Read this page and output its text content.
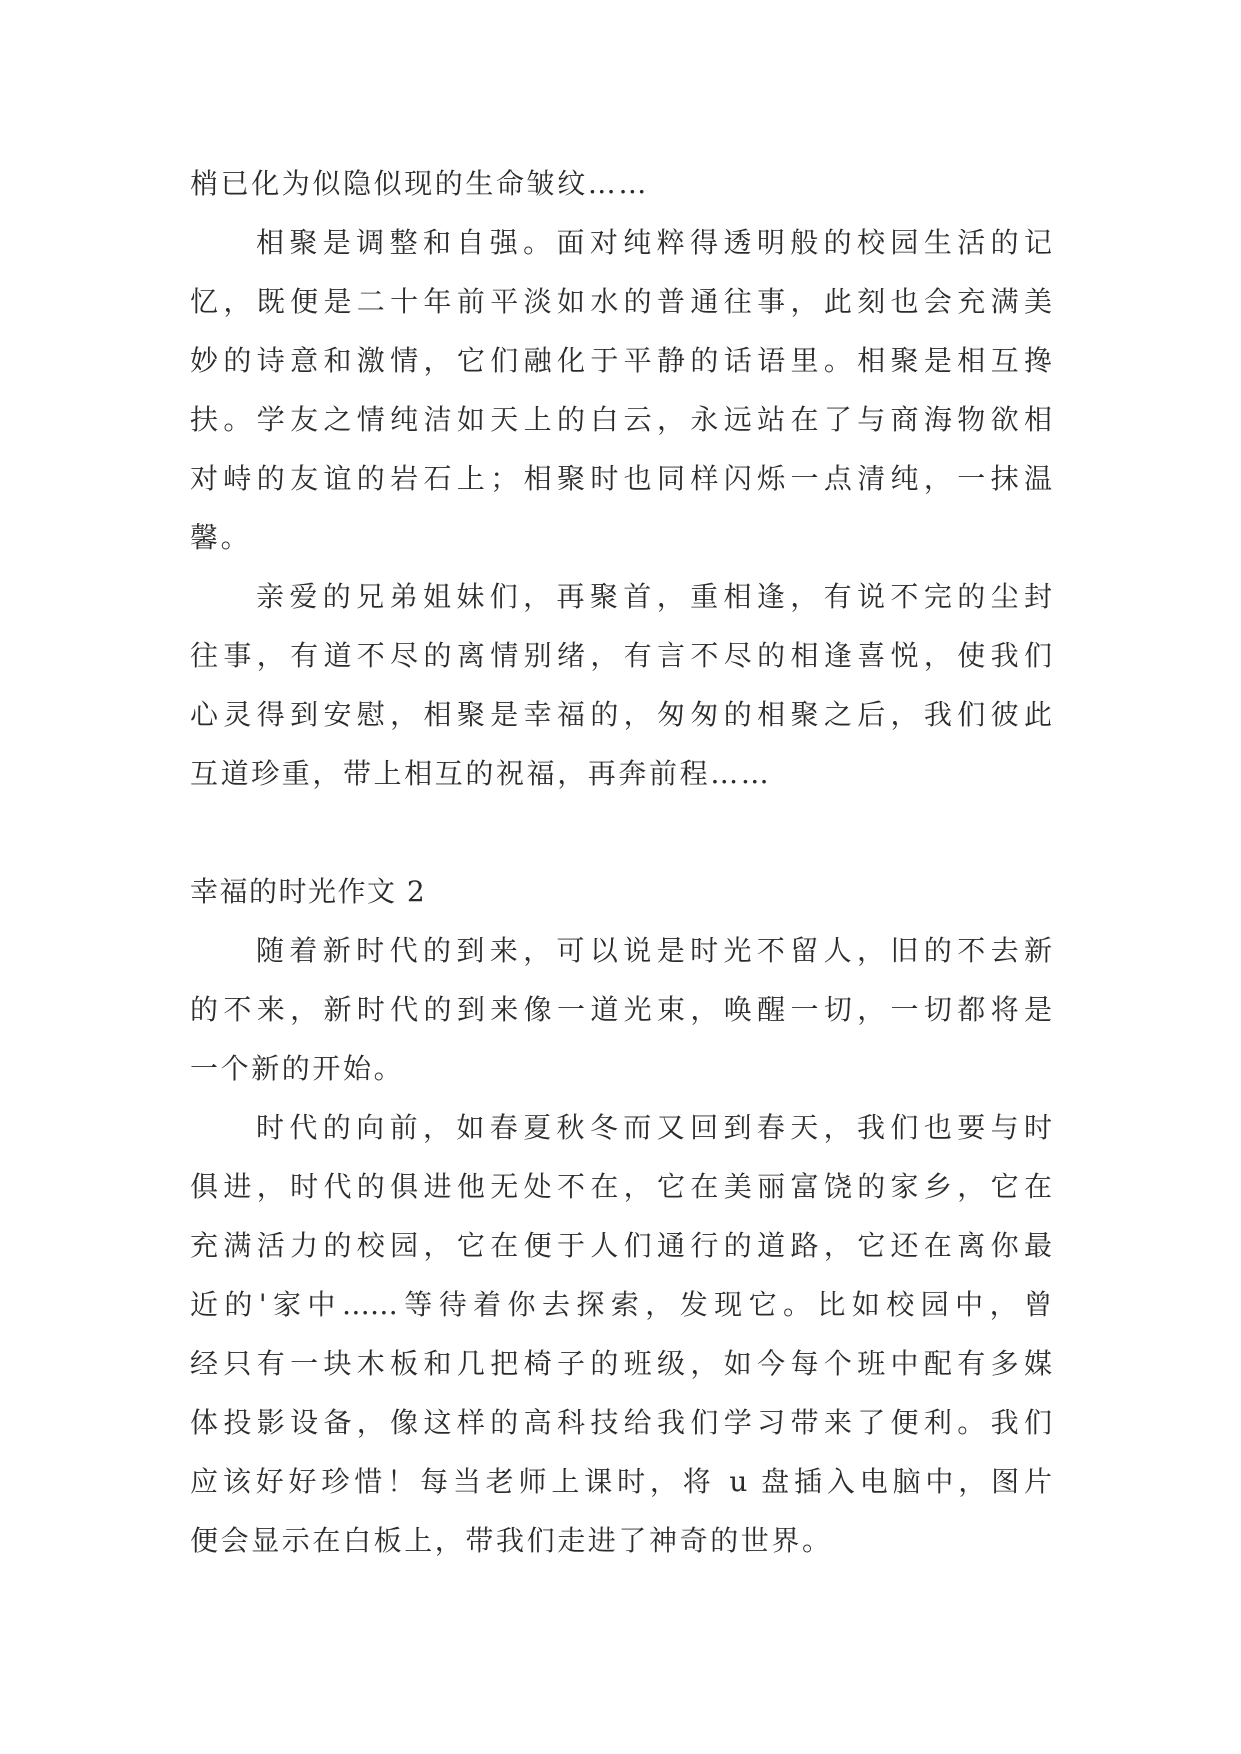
梢已化为似隐似现的生命皱纹……
相聚是调整和自强。面对纯粹得透明般的校园生活的记
忆，既便是二十年前平淡如水的普通往事，此刻也会充满美
妙的诗意和激情，它们融化于平静的话语里。相聚是相互搀
扶。学友之情纯洁如天上的白云，永远站在了与商海物欲相
对峙的友谊的岩石上；相聚时也同样闪烁一点清纯，一抹温
馨。
亲爱的兄弟姐妹们，再聚首，重相逢，有说不完的尘封
往事，有道不尽的离情别绪，有言不尽的相逢喜悦，使我们
心灵得到安慰，相聚是幸福的，匆匆的相聚之后，我们彼此
互道珍重，带上相互的祝福，再奔前程……
幸福的时光作文 2
随着新时代的到来，可以说是时光不留人，旧的不去新
的不来，新时代的到来像一道光束，唤醒一切，一切都将是
一个新的开始。
时代的向前，如春夏秋冬而又回到春天，我们也要与时
俱进，时代的俱进他无处不在，它在美丽富饶的家乡，它在
充满活力的校园，它在便于人们通行的道路，它还在离你最
近的'家中……等待着你去探索，发现它。比如校园中，曾
经只有一块木板和几把椅子的班级，如今每个班中配有多媒
体投影设备，像这样的高科技给我们学习带来了便利。我们
应该好好珍惜！每当老师上课时，将 u 盘插入电脑中，图片
便会显示在白板上，带我们走进了神奇的世界。
